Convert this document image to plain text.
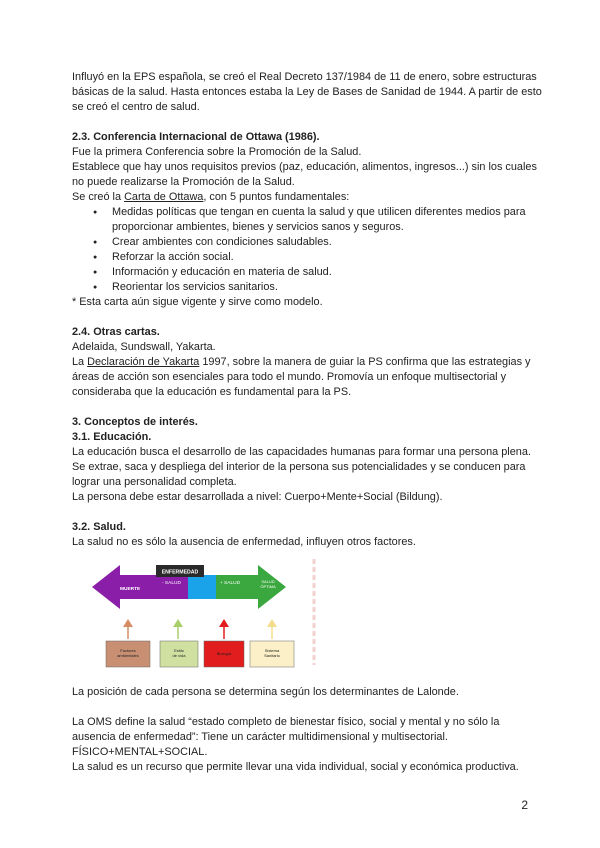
Influyó en la EPS española, se creó el Real Decreto 137/1984 de 11 de enero, sobre estructuras básicas de la salud. Hasta entonces estaba la Ley de Bases de Sanidad de 1944. A partir de esto se creó el centro de salud.

2.3. Conferencia Internacional de Ottawa (1986).

Fue la primera Conferencia sobre la Promoción de la Salud.

Establece que hay unos requisitos previos (paz, educación, alimentos, ingresos...) sin los cuales no puede realizarse la Promoción de la Salud.

Se creó la Carta de Ottawa, con 5 puntos fundamentales:

● Medidas políticas que tengan en cuenta la salud y que utilicen diferentes medios para proporcionar ambientes, bienes y servicios sanos y seguros.
● Crear ambientes con condiciones saludables.
● Reforzar la acción social.
● Información y educación en materia de salud.
● Reorientar los servicios sanitarios.

* Esta carta aún sigue vigente y sirve como modelo.

2.4. Otras cartas.

Adelaida, Sundswall, Yakarta.

La Declaración de Yakarta 1997, sobre la manera de guiar la PS confirma que las estrategias y áreas de acción son esenciales para todo el mundo. Promovía un enfoque multisectorial y consideraba que la educación es fundamental para la PS.

3. Conceptos de interés.

3.1. Educación.

La educación busca el desarrollo de las capacidades humanas para formar una persona plena. Se extrae, saca y despliega del interior de la persona sus potencialidades y se conducen para lograr una personalidad completa.

La persona debe estar desarrollada a nivel: Cuerpo+Mente+Social (Bildung).

3.2. Salud.

La salud no es sólo la ausencia de enfermedad, influyen otros factores.

ENFERMEDAD
MUERTE
- SALUD	+ SALUD	SALUD
ÓPTIMA
Factores
ambientales
Estilo
de vida	Biología
Sistema
Sanitario

La posición de cada persona se determina según los determinantes de Lalonde.

La OMS define la salud “estado completo de bienestar físico, social y mental y no sólo la ausencia de enfermedad”: Tiene un carácter multidimensional y multisectorial.

FÍSICO+MENTAL+SOCIAL.

La salud es un recurso que permite llevar una vida individual, social y económica productiva.

2
